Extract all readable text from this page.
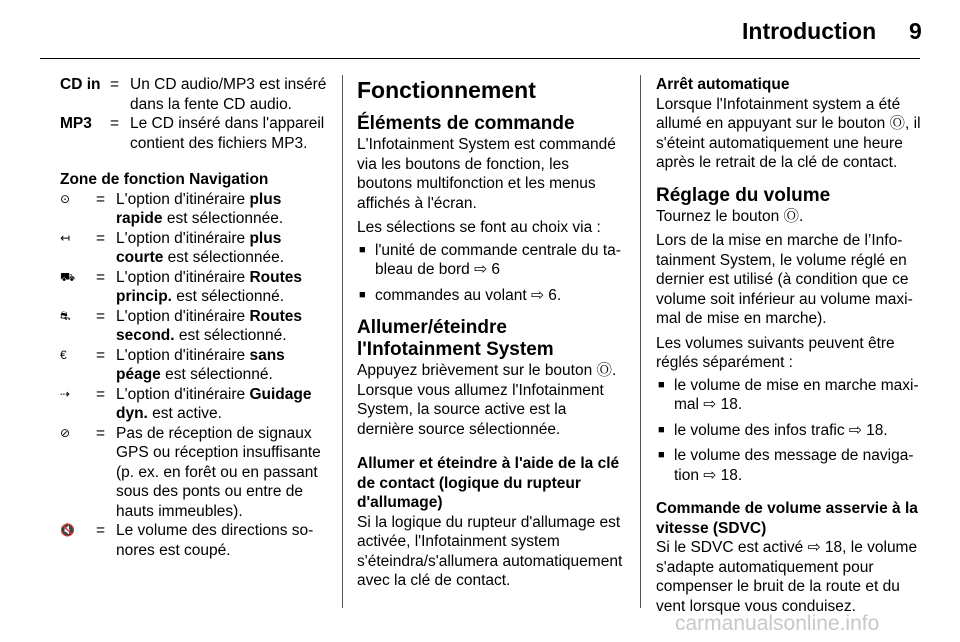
Introduction 9
CD in = Un CD audio/MP3 est inséré dans la fente CD audio.
MP3	= Le CD inséré dans l'appareil contient des fichiers MP3.
Zone de fonction Navigation
⊙	= L'option d'itinéraire plus rapide est sélectionnée.
↤	= L'option d'itinéraire plus courte est sélectionnée.
⛟	= L'option d'itinéraire Routes princip. est sélectionné.
⛐	= L'option d'itinéraire Routes second. est sélectionné.
€	= L'option d'itinéraire sans péage est sélectionné.
⇢	= L'option d'itinéraire Guidage dyn. est active.
⊘	= Pas de réception de signaux GPS ou réception insuffisante (p. ex. en forêt ou en passant sous des ponts ou entre de hauts immeubles).
🔇	= Le volume des directions sonores est coupé.
Fonctionnement
Éléments de commande

L'Infotainment System est commandé via les boutons de fonction, les boutons multifonction et les menus affichés à l'écran.

Les sélections se font au choix via :

■ l'unité de commande centrale du tableau de bord ⇨ 6
■ commandes au volant ⇨ 6.
Allumer/éteindre l'Infotainment System

Appuyez brièvement sur le bouton Ⓞ. Lorsque vous allumez l'Infotainment System, la source active est la dernière source sélectionnée.

Allumer et éteindre à l'aide de la clé de contact (logique du rupteur d'allumage)

Si la logique du rupteur d'allumage est activée, l'Infotainment system s'éteindra/s'allumera automatiquement avec la clé de contact.

Arrêt automatique

Lorsque l'Infotainment system a été allumé en appuyant sur le bouton Ⓞ, il s'éteint automatiquement une heure après le retrait de la clé de contact.

Réglage du volume

Tournez le bouton Ⓞ.

Lors de la mise en marche de l’Infotainment System, le volume réglé en dernier est utilisé (à condition que ce volume soit inférieur au volume maximal de mise en marche).

Les volumes suivants peuvent être réglés séparément :

■ le volume de mise en marche maximal ⇨ 18.
■ le volume des infos trafic ⇨ 18.
■ le volume des message de navigation ⇨ 18.
Commande de volume asservie à la vitesse (SDVC)

Si le SDVC est activé ⇨ 18, le volume s'adapte automatiquement pour compenser le bruit de la route et du vent lorsque vous conduisez.

carmanualsonline.info
